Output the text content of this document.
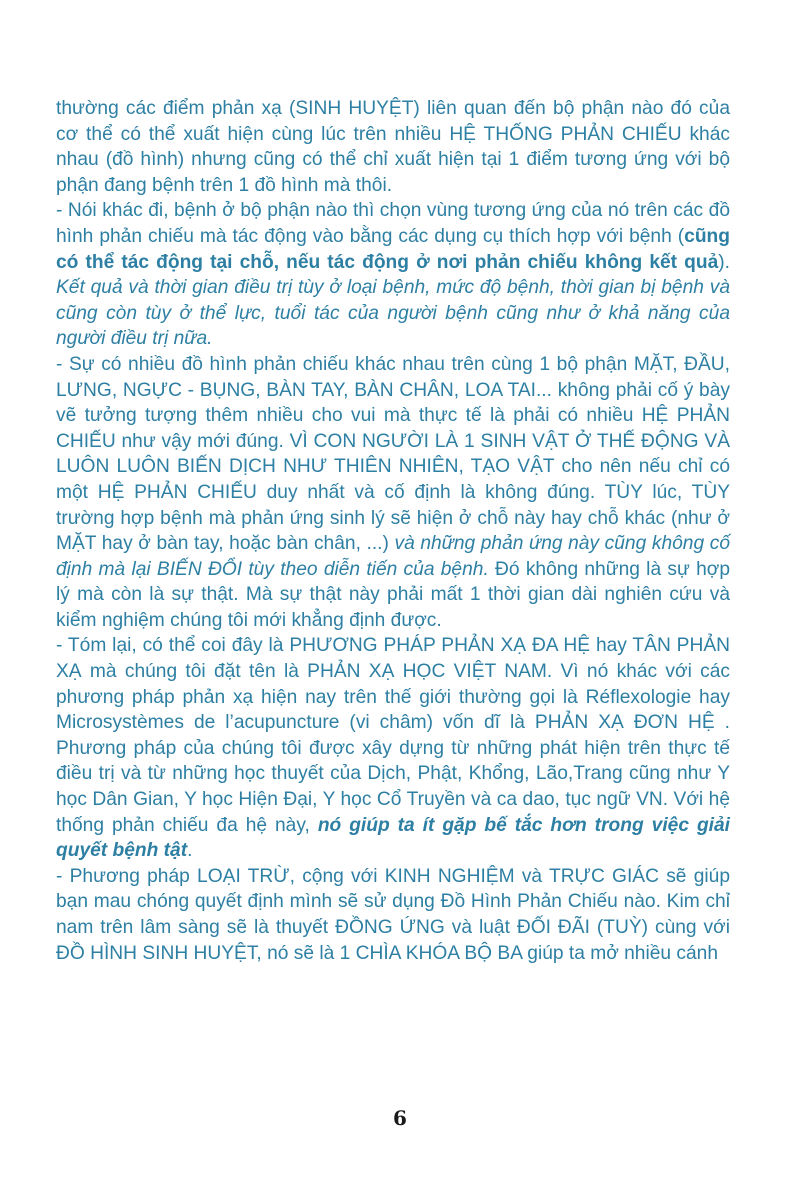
thường các điểm phản xạ (SINH HUYỆT) liên quan đến bộ phận nào đó của cơ thể có thể xuất hiện cùng lúc trên nhiều HỆ THỐNG PHẢN CHIẾU khác nhau (đồ hình) nhưng cũng có thể chỉ xuất hiện tại 1 điểm tương ứng với bộ phận đang bệnh trên 1 đồ hình mà thôi.

- Nói khác đi, bệnh ở bộ phận nào thì chọn vùng tương ứng của nó trên các đồ hình phản chiếu mà tác động vào bằng các dụng cụ thích hợp với bệnh (cũng có thể tác động tại chỗ, nếu tác động ở nơi phản chiếu không kết quả). Kết quả và thời gian điều trị tùy ở loại bệnh, mức độ bệnh, thời gian bị bệnh và cũng còn tùy ở thể lực, tuổi tác của người bệnh cũng như ở khả năng của người điều trị nữa.

- Sự có nhiều đồ hình phản chiếu khác nhau trên cùng 1 bộ phận MẶT, ĐẦU, LƯNG, NGỰC - BỤNG, BÀN TAY, BÀN CHÂN, LOA TAI... không phải cố ý bày vẽ tưởng tượng thêm nhiều cho vui mà thực tế là phải có nhiều HỆ PHẢN CHIẾU như vậy mới đúng. VÌ CON NGƯỜI LÀ 1 SINH VẬT Ở THẾ ĐỘNG VÀ LUÔN LUÔN BIẾN DỊCH NHƯ THIÊN NHIÊN, TẠO VẬT cho nên nếu chỉ có một HỆ PHẢN CHIẾU duy nhất và cố định là không đúng. TÙY lúc, TÙY trường hợp bệnh mà phản ứng sinh lý sẽ hiện ở chỗ này hay chỗ khác (như ở MẶT hay ở bàn tay, hoặc bàn chân, ...) và những phản ứng này cũng không cố định mà lại BIẾN ĐỔI tùy theo diễn tiến của bệnh. Đó không những là sự hợp lý mà còn là sự thật. Mà sự thật này phải mất 1 thời gian dài nghiên cứu và kiểm nghiệm chúng tôi mới khẳng định được.

- Tóm lại, có thể coi đây là PHƯƠNG PHÁP PHẢN XẠ ĐA HỆ hay TÂN PHẢN XẠ mà chúng tôi đặt tên là PHẢN XẠ HỌC VIỆT NAM. Vì nó khác với các phương pháp phản xạ hiện nay trên thế giới thường gọi là Réflexologie hay Microsystèmes de l’acupuncture (vi châm) vốn dĩ là PHẢN XẠ ĐƠN HỆ . Phương pháp của chúng tôi được xây dựng từ những phát hiện trên thực tế điều trị và từ những học thuyết của Dịch, Phật, Khổng, Lão,Trang cũng như Y học Dân Gian, Y học Hiện Đại, Y học Cổ Truyền và ca dao, tục ngữ VN. Với hệ thống phản chiếu đa hệ này, nó giúp ta ít gặp bế tắc hơn trong việc giải quyết bệnh tật.

- Phương pháp LOẠI TRỪ, cộng với KINH NGHIỆM và TRỰC GIÁC sẽ giúp bạn mau chóng quyết định mình sẽ sử dụng Đồ Hình Phản Chiếu nào. Kim chỉ nam trên lâm sàng sẽ là thuyết ĐỒNG ỨNG và luật ĐỐI ĐÃI (TUỲ) cùng với ĐỒ HÌNH SINH HUYỆT, nó sẽ là 1 CHÌA KHÓA BỘ BA giúp ta mở nhiều cánh

6
